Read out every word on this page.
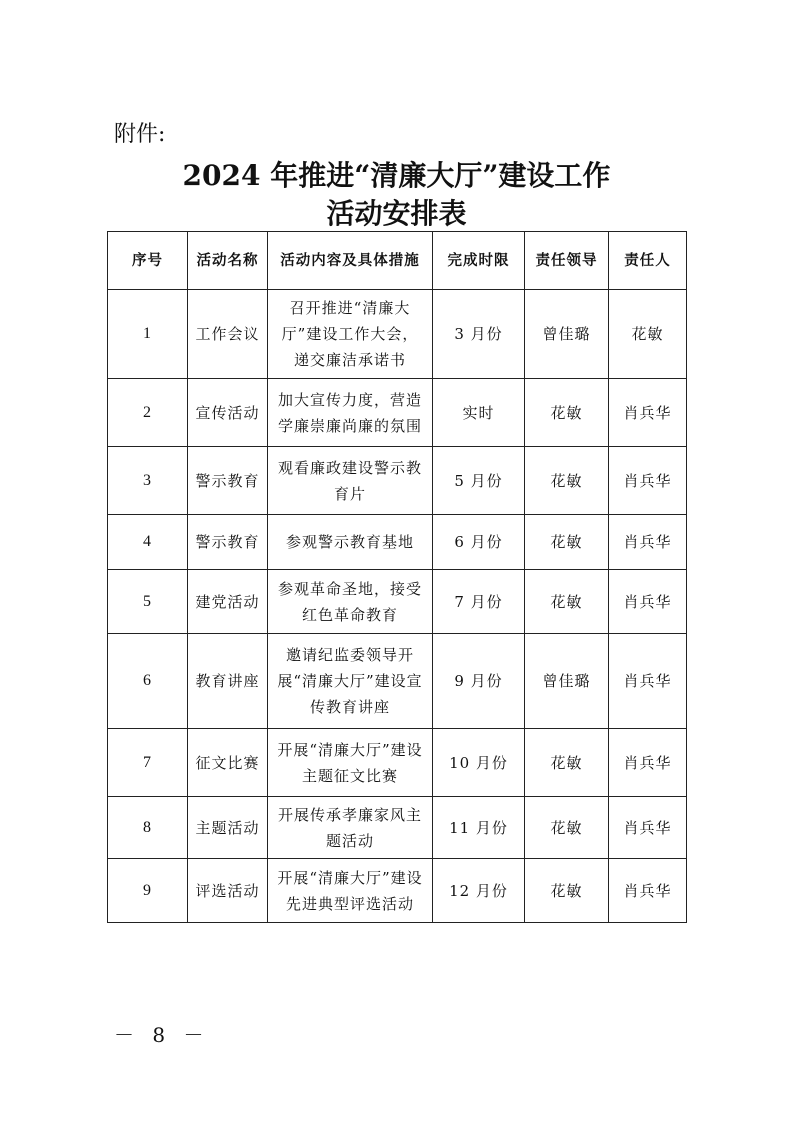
附件:
2024 年推进“清廉大厅”建设工作
活动安排表
序号	活动名称	活动内容及具体措施	完成时限	责任领导	责任人
1	工作会议	召开推进“清廉大厅”建设工作大会，递交廉洁承诺书	3 月份	曾佳璐	花敏
2	宣传活动	加大宣传力度，营造学廉崇廉尚廉的氛围	实时	花敏	肖兵华
3	警示教育	观看廉政建设警示教育片	5 月份	花敏	肖兵华
4	警示教育	参观警示教育基地	6 月份	花敏	肖兵华
5	建党活动	参观革命圣地，接受红色革命教育	7 月份	花敏	肖兵华
6	教育讲座	邀请纪监委领导开展“清廉大厅”建设宣传教育讲座	9 月份	曾佳璐	肖兵华
7	征文比赛	开展“清廉大厅”建设主题征文比赛	10 月份	花敏	肖兵华
8	主题活动	开展传承孝廉家风主题活动	11 月份	花敏	肖兵华
9	评选活动	开展“清廉大厅”建设先进典型评选活动	12 月份	花敏	肖兵华
－ 8 －
